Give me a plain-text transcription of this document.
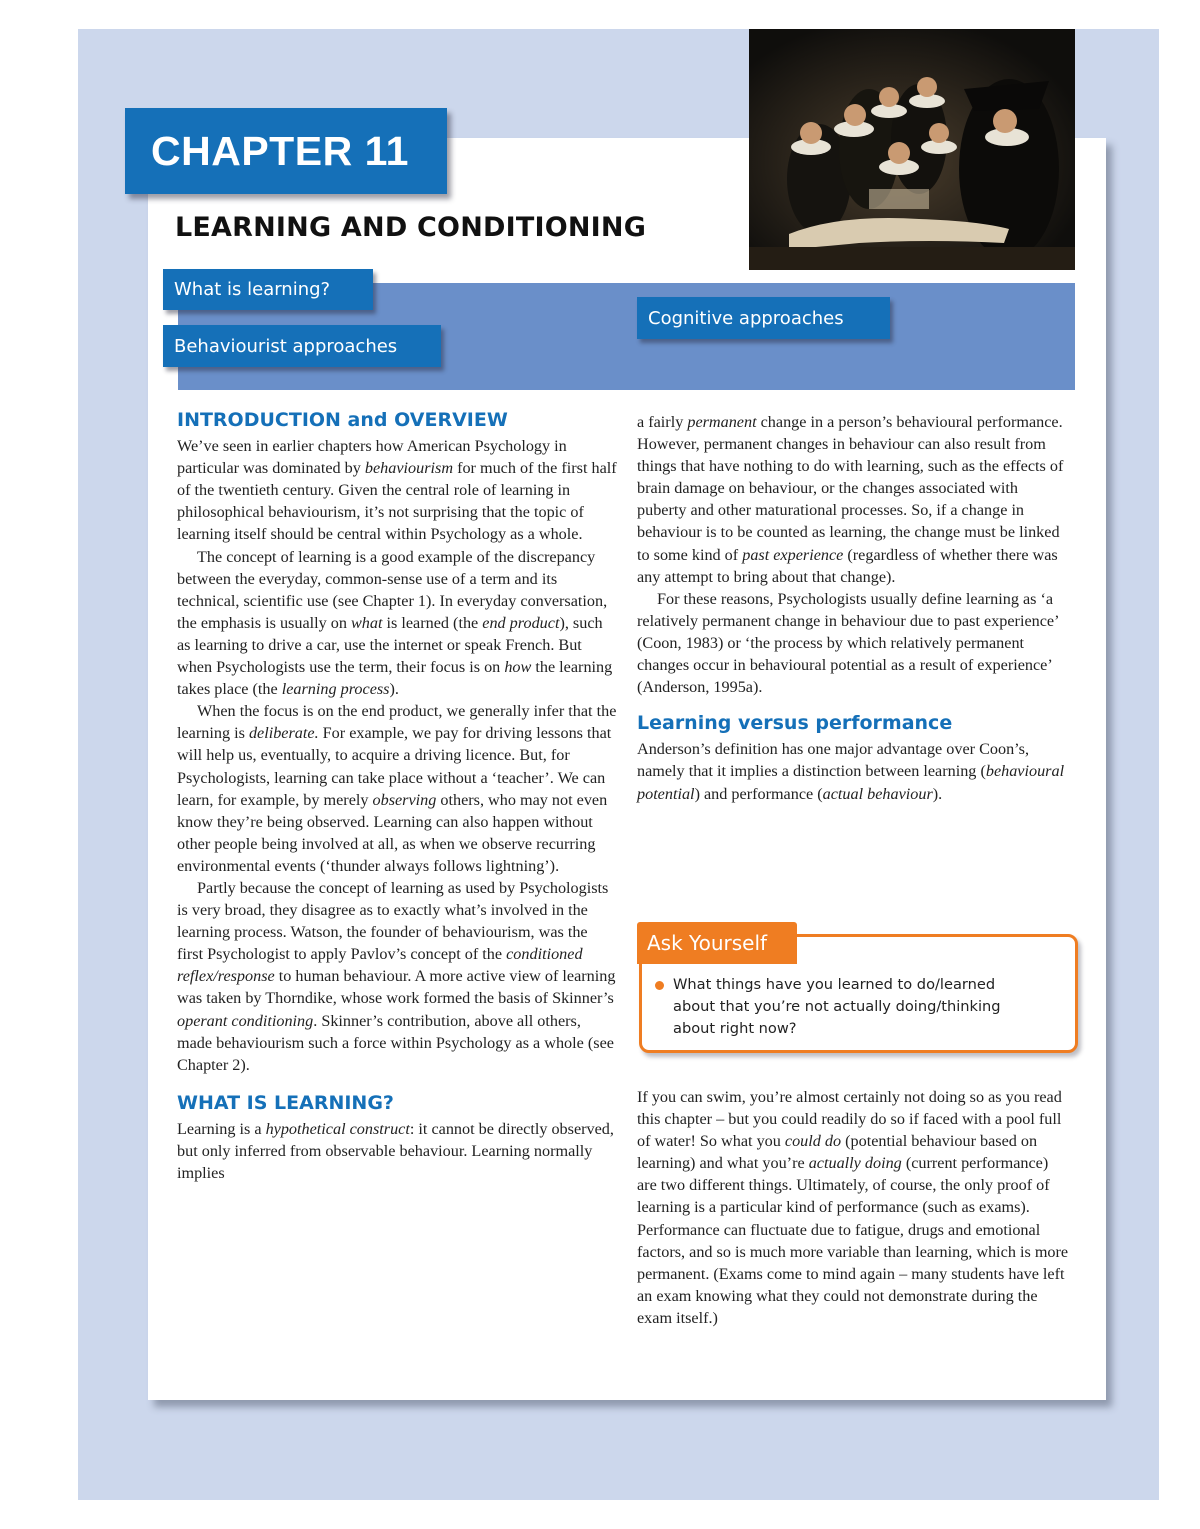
CHAPTER 11
LEARNING AND CONDITIONING
What is learning?
Behaviourist approaches
Cognitive approaches
INTRODUCTION and OVERVIEW

We’ve seen in earlier chapters how American Psychology in particular was dominated by behaviourism for much of the first half of the twentieth century. Given the central role of learning in philosophical behaviourism, it’s not surprising that the topic of learning itself should be central within Psychology as a whole.

The concept of learning is a good example of the discrepancy between the everyday, common-sense use of a term and its technical, scientific use (see Chapter 1). In everyday conversation, the emphasis is usually on what is learned (the end product), such as learning to drive a car, use the internet or speak French. But when Psychologists use the term, their focus is on how the learning takes place (the learning process).

When the focus is on the end product, we generally infer that the learning is deliberate. For example, we pay for driving lessons that will help us, eventually, to acquire a driving licence. But, for Psychologists, learning can take place without a ‘teacher’. We can learn, for example, by merely observing others, who may not even know they’re being observed. Learning can also happen without other people being involved at all, as when we observe recurring environmental events (‘thunder always follows lightning’).

Partly because the concept of learning as used by Psychologists is very broad, they disagree as to exactly what’s involved in the learning process. Watson, the founder of behaviourism, was the first Psychologist to apply Pavlov’s concept of the conditioned reflex/response to human behaviour. A more active view of learning was taken by Thorndike, whose work formed the basis of Skinner’s operant conditioning. Skinner’s contribution, above all others, made behaviourism such a force within Psychology as a whole (see Chapter 2).

WHAT IS LEARNING?

Learning is a hypothetical construct: it cannot be directly observed, but only inferred from observable behaviour. Learning normally implies

a fairly permanent change in a person’s behavioural performance. However, permanent changes in behaviour can also result from things that have nothing to do with learning, such as the effects of brain damage on behaviour, or the changes associated with puberty and other maturational processes. So, if a change in behaviour is to be counted as learning, the change must be linked to some kind of past experience (regardless of whether there was any attempt to bring about that change).

For these reasons, Psychologists usually define learning as ‘a relatively permanent change in behaviour due to past experience’ (Coon, 1983) or ‘the process by which relatively permanent changes occur in behavioural potential as a result of experience’ (Anderson, 1995a).

Learning versus performance

Anderson’s definition has one major advantage over Coon’s, namely that it implies a distinction between learning (behavioural potential) and performance (actual behaviour).

Ask Yourself
What things have you learned to do/learned about that you’re not actually doing/thinking about right now?

If you can swim, you’re almost certainly not doing so as you read this chapter – but you could readily do so if faced with a pool full of water! So what you could do (potential behaviour based on learning) and what you’re actually doing (current performance) are two different things. Ultimately, of course, the only proof of learning is a particular kind of performance (such as exams). Performance can fluctuate due to fatigue, drugs and emotional factors, and so is much more variable than learning, which is more permanent. (Exams come to mind again – many students have left an exam knowing what they could not demonstrate during the exam itself.)
